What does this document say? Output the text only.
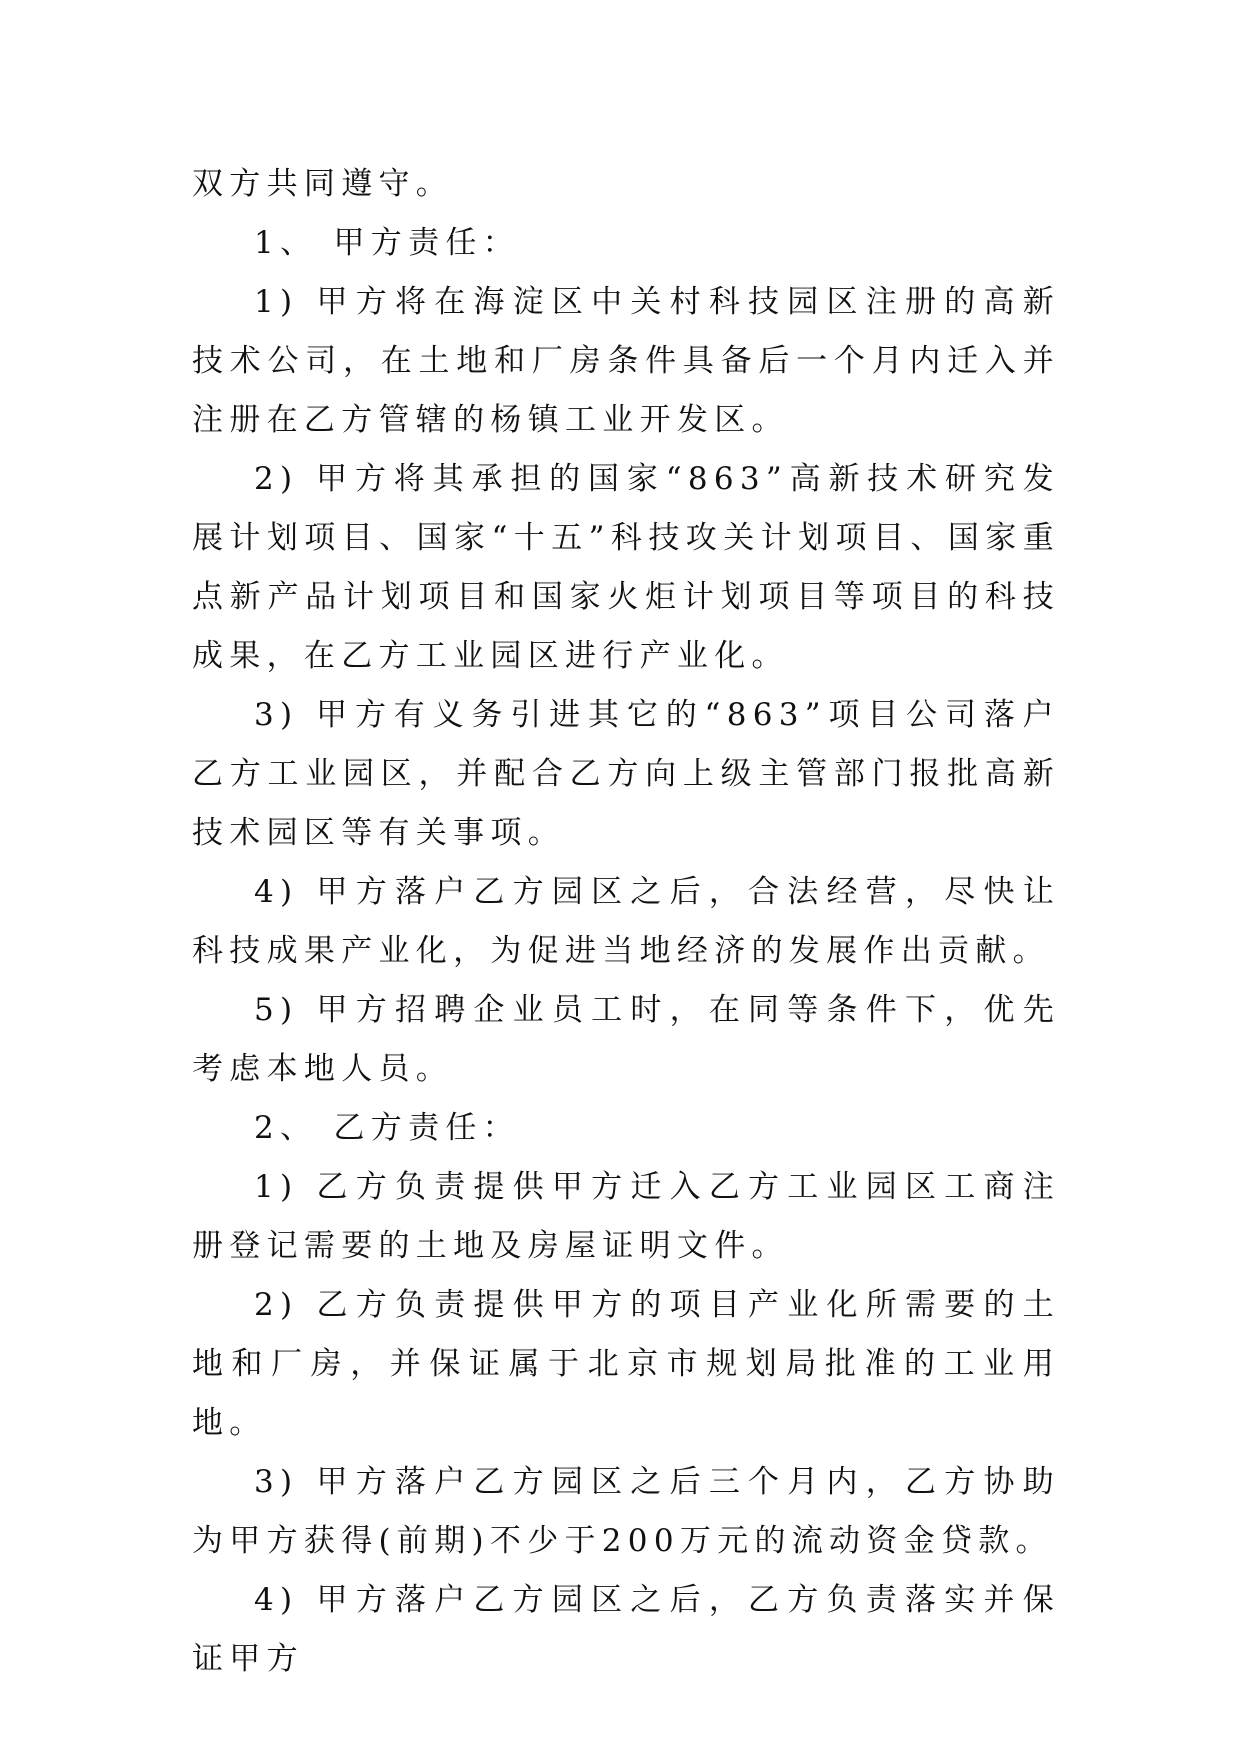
双方共同遵守。

1、 甲方责任：

1) 甲方将在海淀区中关村科技园区注册的高新技术公司，在土地和厂房条件具备后一个月内迁入并注册在乙方管辖的杨镇工业开发区。

2) 甲方将其承担的国家“863”高新技术研究发展计划项目、国家“十五”科技攻关计划项目、国家重点新产品计划项目和国家火炬计划项目等项目的科技成果，在乙方工业园区进行产业化。

3) 甲方有义务引进其它的“863”项目公司落户乙方工业园区，并配合乙方向上级主管部门报批高新技术园区等有关事项。

4) 甲方落户乙方园区之后，合法经营，尽快让科技成果产业化，为促进当地经济的发展作出贡献。

5) 甲方招聘企业员工时，在同等条件下，优先考虑本地人员。

2、 乙方责任：

1) 乙方负责提供甲方迁入乙方工业园区工商注册登记需要的土地及房屋证明文件。

2) 乙方负责提供甲方的项目产业化所需要的土地和厂房，并保证属于北京市规划局批准的工业用地。

3) 甲方落户乙方园区之后三个月内，乙方协助为甲方获得(前期)不少于200万元的流动资金贷款。

4) 甲方落户乙方园区之后，乙方负责落实并保证甲方
